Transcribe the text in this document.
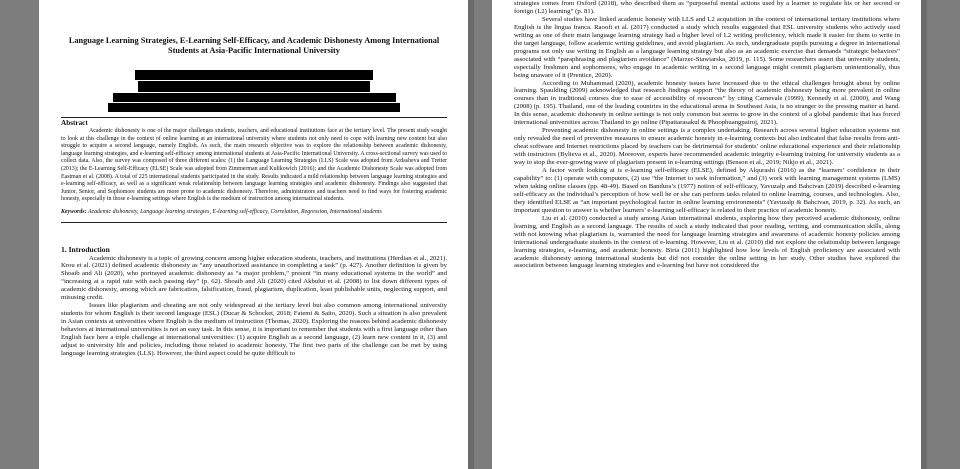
Language Learning Strategies, E-Learning Self-Efficacy, and Academic Dishonesty Among International Students at Asia-Pacific International University

Abstract

Academic dishonesty is one of the major challenges students, teachers, and educational institutions face at the tertiary level. The present study sought to look at this challenge in the context of online learning at an international university where students not only need to cope with learning new content but also struggle to acquire a second language, namely English. As such, the main research objective was to explore the relationship between academic dishonesty, language learning strategies, and e-learning self-efficacy among international students at Asia-Pacific International University. A cross-sectional survey was used to collect data. Also, the survey was composed of three different scales: (1) the Language Learning Strategies (LLS) Scale was adopted from Ardasheva and Tretter (2013); the E-Learning Self-Efficacy (ELSE) Scale was adopted from Zimmerman and Kulikowich (2016); and the Academic Dishonesty Scale was adopted from Eastman et al. (2008). A total of 225 international students participated in the study. Results indicated a mild relationship between language learning strategies and e-learning self-efficacy, as well as a significant weak relationship between language learning strategies and academic dishonesty. Findings also suggested that Junior, Senior, and Sophomore students are more prone to academic dishonesty. Therefore, administrators and teachers need to find ways for fostering academic honesty, especially in those e-learning settings where English is the medium of instruction among international students.

Keywords: Academic dishonesty, Language learning strategies, E-learning self-efficacy, Correlation, Regression, International students

1. Introduction

Academic dishonesty is a topic of growing concern among higher education students, teachers, and institutions (Herdian et al., 2021). Krou et al. (2021) defined academic dishonesty as “any unauthorized assistance in completing a task” (p. 427). Another definition is given by Shoaib and Ali (2020), who portrayed academic dishonesty as “a major problem,” present “in many educational systems in the world” and “increasing at a rapid rate with each passing day” (p. 62). Shoaib and Ali (2020) cited Akbulut et al. (2008) to list down different types of academic dishonesty, among which are fabrication, falsification, fraud, plagiarism, duplication, least publishable units, neglecting support, and misusing credit.

Issues like plagiarism and cheating are not only widespread at the tertiary level but also common among international university students for whom English is their second language (ESL) (Ducar & Schocket, 2018; Fatemi & Saito, 2020). Such a situation is also prevalent in Asian contexts at universities where English is the medium of instruction (Thomas, 2020). Exploring the reasons behind academic dishonesty behaviors at international universities is not an easy task. In this sense, it is important to remember that students with a first language other than English face here a triple challenge at international universities: (1) acquire English as a second language, (2) learn new content in it, (3) and adjust to university life and policies, including those related to academic honesty. The first two parts of the challenge can be met by using language learning strategies (LLS). However, the third aspect could be quite difficult to

strategies comes from Oxford (2018), who described them as “purposeful mental actions used by a learner to regulate his or her second or foreign (L2) learning” (p. 81).

Several studies have linked academic honesty with LLS and L2 acquisition in the context of international tertiary institutions where English is the lingua franca. Raoofi et al. (2017) conducted a study which results suggested that ESL university students who actively used writing as one of their main language learning strategy had a higher level of L2 writing proficiency, which made it easier for them to write in the target language, follow academic writing guidelines, and avoid plagiarism. As such, undergraduate pupils pursuing a degree in international programs not only use writing in English as a language learning strategy but also as an academic exercise that demands “strategic behaviors” associated with “paraphrasing and plagiarism avoidance” (Marzec-Stawiarska, 2019, p. 115). Some researchers assert that university students, especially freshmen and sophomores, who engage in academic writing in a second language might commit plagiarism unintentionally, thus being unaware of it (Prentice, 2020).

According to Muhammad (2020), academic honesty issues have increased due to the ethical challenges brought about by online learning. Spaulding (2009) acknowledged that research findings support “the theory of academic dishonesty being more prevalent in online courses than in traditional courses due to ease of accessibility of resources” by citing Carnevale (1999), Kennedy et al. (2000), and Wang (2008) (p. 195). Thailand, one of the leading countries in the educational arena in Southeast Asia, is no stranger to the pressing matter at hand. In this sense, academic dishonesty in online settings is not only common but seems to grow in the context of a global pandemic that has forced international universities across Thailand to go online (Pipattarasakul & Phoophuangpairoj, 2021).

Preventing academic dishonesty in online settings is a complex undertaking. Research across several higher education systems not only revealed the need of preventive measures to ensure academic honesty in e-learning contexts but also indicated that false results from anti-cheat software and Internet restrictions placed by teachers can be detrimental for students’ online educational experience and their relationship with instructors (Bylieva et al., 2020). Moreover, experts have recommended academic integrity e-learning training for university students as a way to stop the ever-growing wave of plagiarism present in e-learning settings (Benson et al., 2019; Nikjo et al., 2021).

A factor worth looking at is e-learning self-efficacy (ELSE), defined by Alqurashi (2016) as the “learners’ confidence in their capability” to: (1) operate with computers, (2) use “the Internet to seek information,” and (3) work with learning management systems (LMS) when taking online classes (pp. 48-49). Based on Bandura’s (1977) notion of self-efficacy, Yavuzalp and Bahcivan (2019) described e-learning self-efficacy as the individual’s perception of how well he or she can perform tasks related to online learning, courses, and technologies. Also, they identified ELSE as “an important psychological factor in online learning environments” (Yavuzalp & Bahcivan, 2019, p. 32). As such, an important question to answer is whether learners’ e-learning self-efficacy is related to their practice of academic honesty.

Liu et al. (2010) conducted a study among Asian international students, exploring how they perceived academic dishonesty, online learning, and English as a second language. The results of such a study indicated that poor reading, writing, and communication skills, along with not knowing what plagiarism is, warranted the need for language learning strategies and awareness of academic honesty policies among international undergraduate students in the context of e-learning. However, Liu et al. (2010) did not explore the relationship between language learning strategies, e-learning, and academic honesty. Birta (2011) highlighted how low levels of English proficiency are associated with academic dishonesty among international students but did not consider the online setting in her study. Other studies have explored the association between language learning strategies and e-learning but have not considered the
